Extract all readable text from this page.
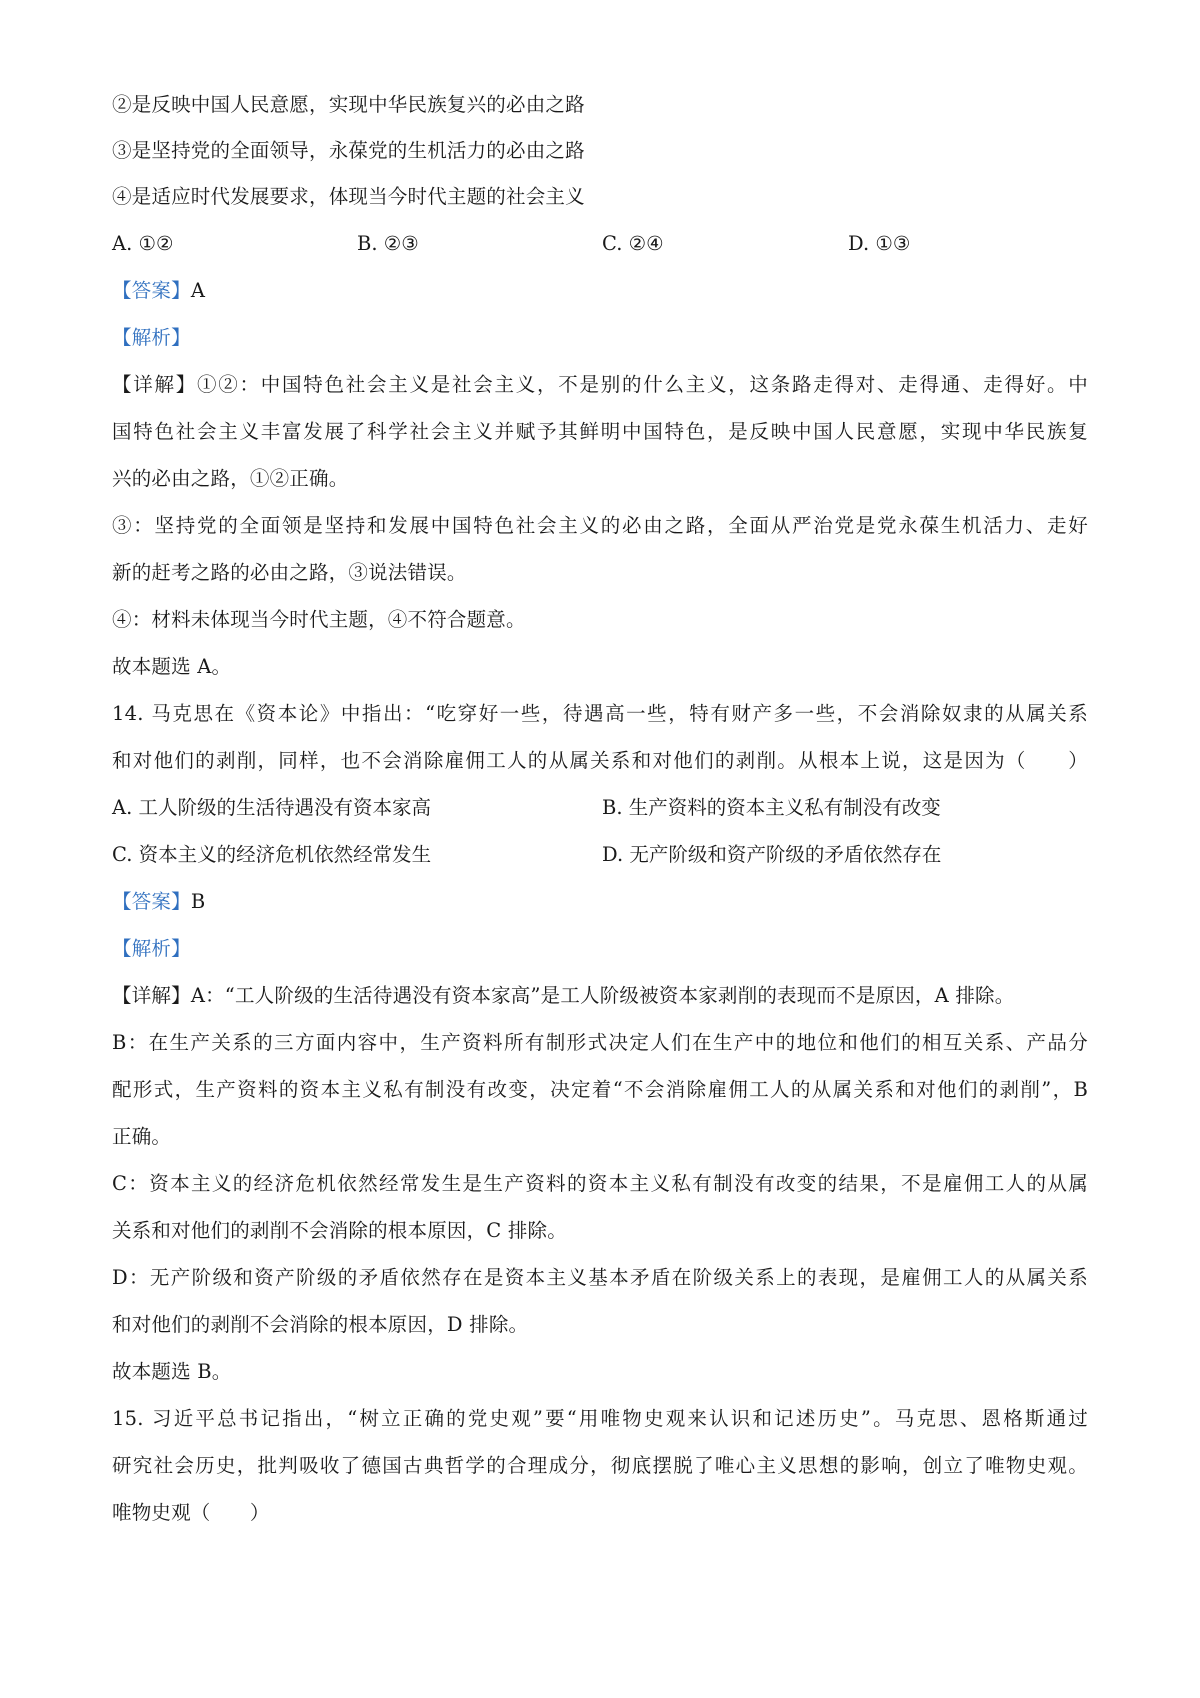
②是反映中国人民意愿，实现中华民族复兴的必由之路

③是坚持党的全面领导，永葆党的生机活力的必由之路

④是适应时代发展要求，体现当今时代主题的社会主义

A. ①②	B. ②③	C. ②④	D. ①③

【答案】A

【解析】

【详解】①②：中国特色社会主义是社会主义，不是别的什么主义，这条路走得对、走得通、走得好。中

国特色社会主义丰富发展了科学社会主义并赋予其鲜明中国特色，是反映中国人民意愿，实现中华民族复

兴的必由之路，①②正确。

③：坚持党的全面领是坚持和发展中国特色社会主义的必由之路，全面从严治党是党永葆生机活力、走好

新的赶考之路的必由之路，③说法错误。

④：材料未体现当今时代主题，④不符合题意。

故本题选 A。

14. 马克思在《资本论》中指出：“吃穿好一些，待遇高一些，特有财产多一些，不会消除奴隶的从属关系

和对他们的剥削，同样，也不会消除雇佣工人的从属关系和对他们的剥削。从根本上说，这是因为（　　）

A. 工人阶级的生活待遇没有资本家高	B. 生产资料的资本主义私有制没有改变

C. 资本主义的经济危机依然经常发生	D. 无产阶级和资产阶级的矛盾依然存在

【答案】B

【解析】

【详解】A：“工人阶级的生活待遇没有资本家高”是工人阶级被资本家剥削的表现而不是原因，A 排除。

B：在生产关系的三方面内容中，生产资料所有制形式决定人们在生产中的地位和他们的相互关系、产品分

配形式，生产资料的资本主义私有制没有改变，决定着“不会消除雇佣工人的从属关系和对他们的剥削”，B

正确。

C：资本主义的经济危机依然经常发生是生产资料的资本主义私有制没有改变的结果，不是雇佣工人的从属

关系和对他们的剥削不会消除的根本原因，C 排除。

D：无产阶级和资产阶级的矛盾依然存在是资本主义基本矛盾在阶级关系上的表现，是雇佣工人的从属关系

和对他们的剥削不会消除的根本原因，D 排除。

故本题选 B。

15. 习近平总书记指出，“树立正确的党史观”要“用唯物史观来认识和记述历史”。马克思、恩格斯通过

研究社会历史，批判吸收了德国古典哲学的合理成分，彻底摆脱了唯心主义思想的影响，创立了唯物史观。

唯物史观（　　）
